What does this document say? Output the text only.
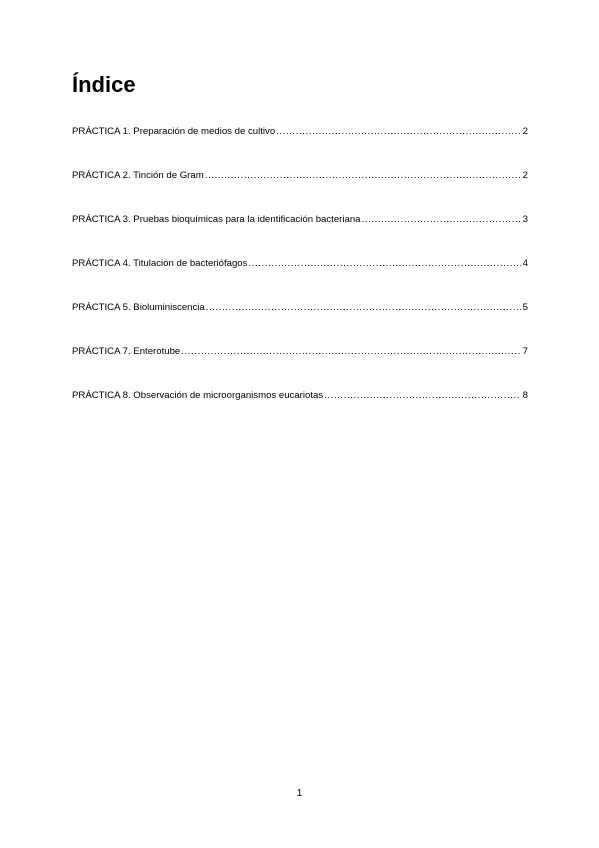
Índice
PRÁCTICA 1. Preparación de medios de cultivo .....	2
PRÁCTICA 2. Tinción de Gram .....	2
PRÁCTICA 3. Pruebas bioquímicas para la identificación bacteriana .....	3
PRÁCTICA 4. Titulación de bacteriófagos .....	4
PRÁCTICA 5. Bioluminiscencia .....	5
PRÁCTICA 7. Enterotube .....	7
PRÁCTICA 8. Observación de microorganismos eucariotas .....	8
1
